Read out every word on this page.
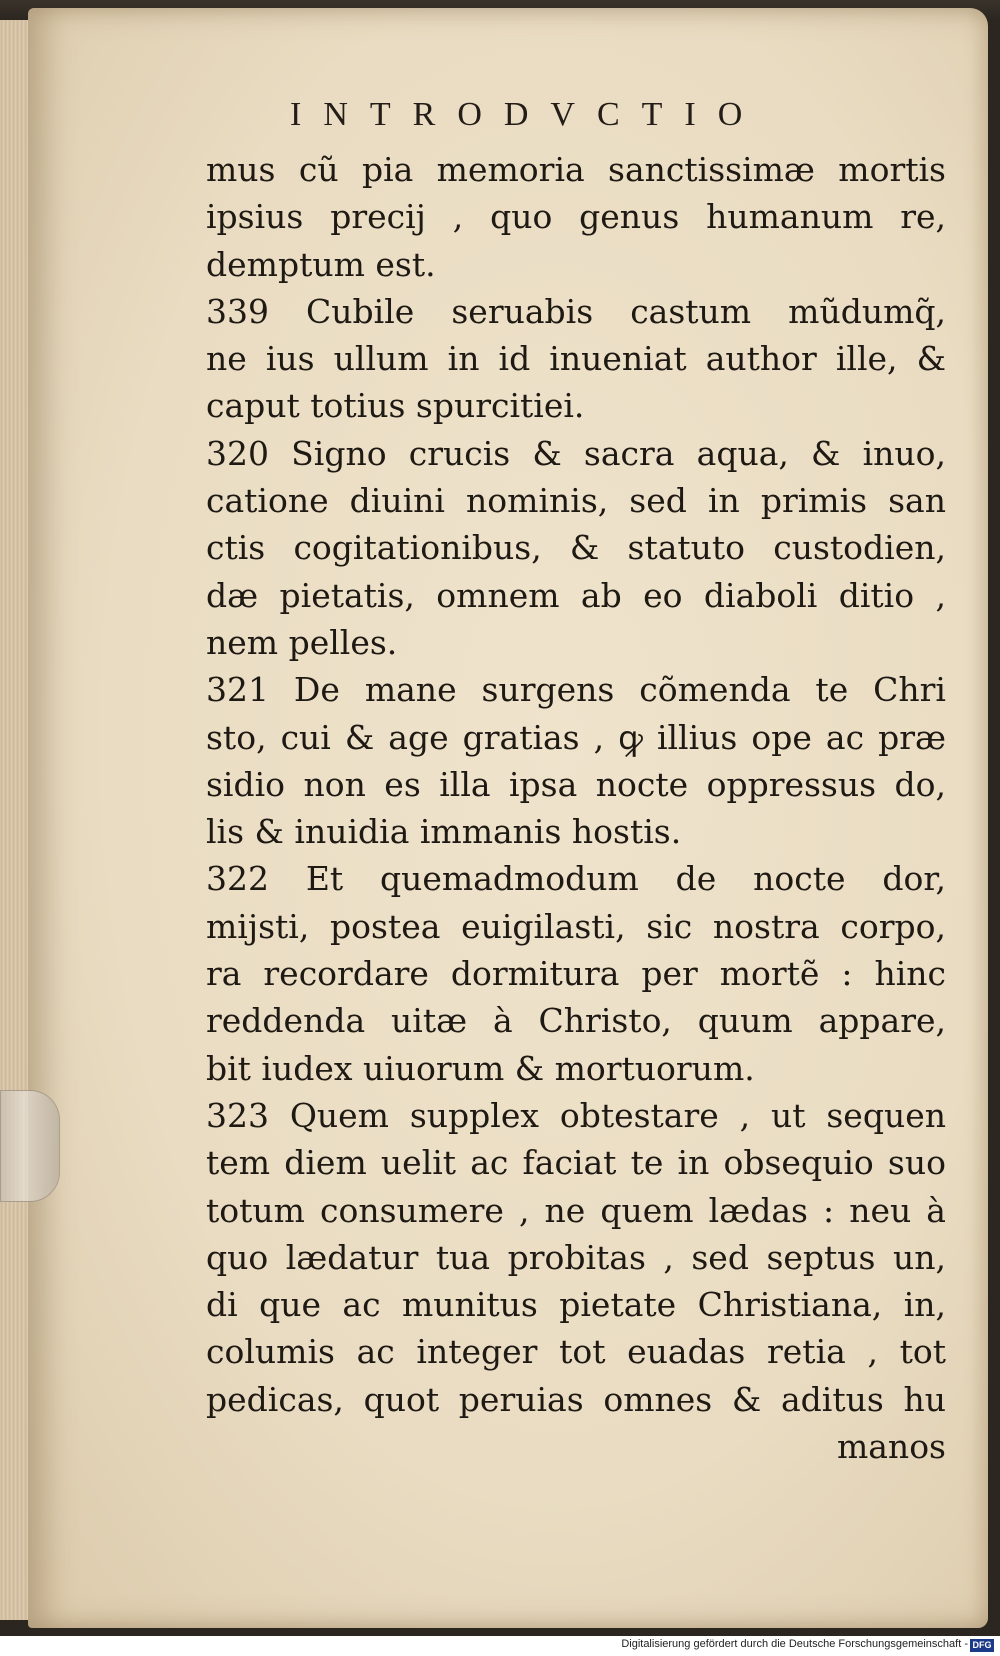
INTRODVCTIO
mus cũ pia memoria sanctissimæ mortis
ipsius precij , quo genus humanum re,
demptum est.
339 Cubile seruabis castum mũdumq̃,
ne ius ullum in id inueniat author ille, &
caput totius spurcitiei.
320 Signo crucis & sacra aqua, & inuo,
catione diuini nominis, sed in primis san
ctis cogitationibus, & statuto custodien,
dæ pietatis, omnem ab eo diaboli ditio ,
nem pelles.
321 De mane surgens cõmenda te Chri
sto, cui & age gratias , ꝙ illius ope ac præ
sidio non es illa ipsa nocte oppressus do,
lis & inuidia immanis hostis.
322 Et quemadmodum de nocte dor,
mijsti, postea euigilasti, sic nostra corpo,
ra recordare dormitura per mortẽ : hinc
reddenda uitæ à Christo, quum appare,
bit iudex uiuorum & mortuorum.
323 Quem supplex obtestare , ut sequen
tem diem uelit ac faciat te in obsequio suo
totum consumere , ne quem lædas : neu à
quo lædatur tua probitas , sed septus un,
di que ac munitus pietate Christiana, in,
columis ac integer tot euadas retia , tot
pedicas, quot peruias omnes & aditus hu
manos
Digitalisierung gefördert durch die Deutsche Forschungsgemeinschaft - DFG
